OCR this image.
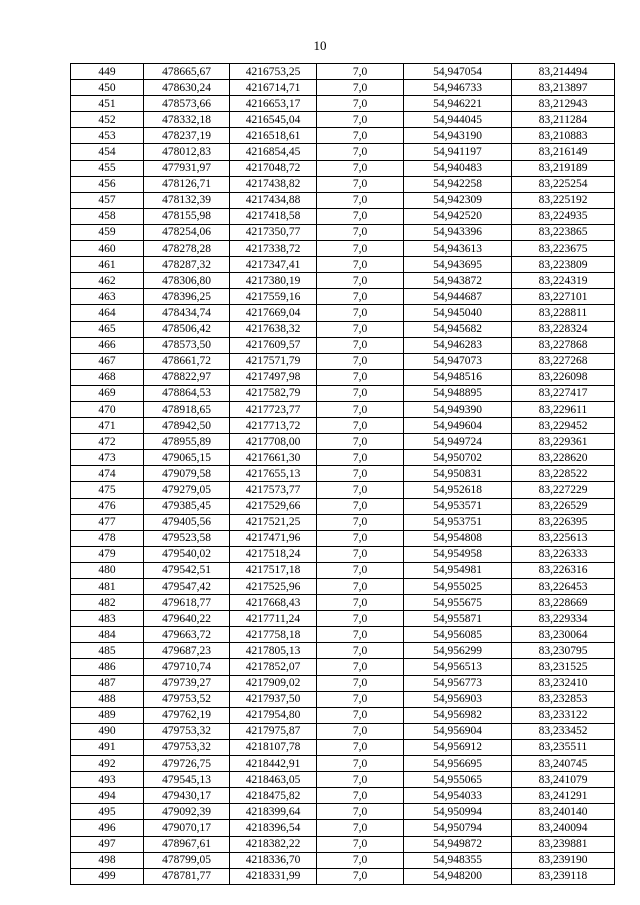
10
449	478665,67	4216753,25	7,0	54,947054	83,214494
450	478630,24	4216714,71	7,0	54,946733	83,213897
451	478573,66	4216653,17	7,0	54,946221	83,212943
452	478332,18	4216545,04	7,0	54,944045	83,211284
453	478237,19	4216518,61	7,0	54,943190	83,210883
454	478012,83	4216854,45	7,0	54,941197	83,216149
455	477931,97	4217048,72	7,0	54,940483	83,219189
456	478126,71	4217438,82	7,0	54,942258	83,225254
457	478132,39	4217434,88	7,0	54,942309	83,225192
458	478155,98	4217418,58	7,0	54,942520	83,224935
459	478254,06	4217350,77	7,0	54,943396	83,223865
460	478278,28	4217338,72	7,0	54,943613	83,223675
461	478287,32	4217347,41	7,0	54,943695	83,223809
462	478306,80	4217380,19	7,0	54,943872	83,224319
463	478396,25	4217559,16	7,0	54,944687	83,227101
464	478434,74	4217669,04	7,0	54,945040	83,228811
465	478506,42	4217638,32	7,0	54,945682	83,228324
466	478573,50	4217609,57	7,0	54,946283	83,227868
467	478661,72	4217571,79	7,0	54,947073	83,227268
468	478822,97	4217497,98	7,0	54,948516	83,226098
469	478864,53	4217582,79	7,0	54,948895	83,227417
470	478918,65	4217723,77	7,0	54,949390	83,229611
471	478942,50	4217713,72	7,0	54,949604	83,229452
472	478955,89	4217708,00	7,0	54,949724	83,229361
473	479065,15	4217661,30	7,0	54,950702	83,228620
474	479079,58	4217655,13	7,0	54,950831	83,228522
475	479279,05	4217573,77	7,0	54,952618	83,227229
476	479385,45	4217529,66	7,0	54,953571	83,226529
477	479405,56	4217521,25	7,0	54,953751	83,226395
478	479523,58	4217471,96	7,0	54,954808	83,225613
479	479540,02	4217518,24	7,0	54,954958	83,226333
480	479542,51	4217517,18	7,0	54,954981	83,226316
481	479547,42	4217525,96	7,0	54,955025	83,226453
482	479618,77	4217668,43	7,0	54,955675	83,228669
483	479640,22	4217711,24	7,0	54,955871	83,229334
484	479663,72	4217758,18	7,0	54,956085	83,230064
485	479687,23	4217805,13	7,0	54,956299	83,230795
486	479710,74	4217852,07	7,0	54,956513	83,231525
487	479739,27	4217909,02	7,0	54,956773	83,232410
488	479753,52	4217937,50	7,0	54,956903	83,232853
489	479762,19	4217954,80	7,0	54,956982	83,233122
490	479753,32	4217975,87	7,0	54,956904	83,233452
491	479753,32	4218107,78	7,0	54,956912	83,235511
492	479726,75	4218442,91	7,0	54,956695	83,240745
493	479545,13	4218463,05	7,0	54,955065	83,241079
494	479430,17	4218475,82	7,0	54,954033	83,241291
495	479092,39	4218399,64	7,0	54,950994	83,240140
496	479070,17	4218396,54	7,0	54,950794	83,240094
497	478967,61	4218382,22	7,0	54,949872	83,239881
498	478799,05	4218336,70	7,0	54,948355	83,239190
499	478781,77	4218331,99	7,0	54,948200	83,239118
